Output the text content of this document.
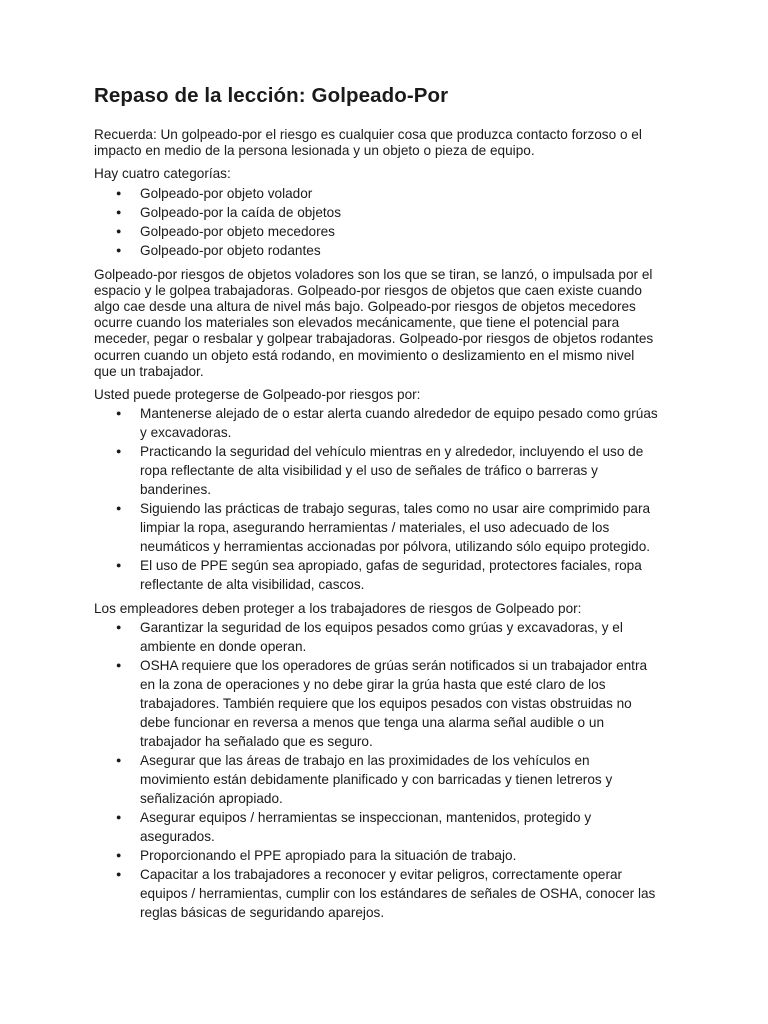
Repaso de la lección: Golpeado-Por

Recuerda: Un golpeado-por el riesgo es cualquier cosa que produzca contacto forzoso o el impacto en medio de la persona lesionada y un objeto o pieza de equipo.

Hay cuatro categorías:

● Golpeado-por objeto volador
● Golpeado-por la caída de objetos
● Golpeado-por objeto mecedores
● Golpeado-por objeto rodantes

Golpeado-por riesgos de objetos voladores son los que se tiran, se lanzó, o impulsada por el espacio y le golpea trabajadoras. Golpeado-por riesgos de objetos que caen existe cuando algo cae desde una altura de nivel más bajo. Golpeado-por riesgos de objetos mecedores ocurre cuando los materiales son elevados mecánicamente, que tiene el potencial para meceder, pegar o resbalar y golpear trabajadoras. Golpeado-por riesgos de objetos rodantes ocurren cuando un objeto está rodando, en movimiento o deslizamiento en el mismo nivel que un trabajador.

Usted puede protegerse de Golpeado-por riesgos por:

● Mantenerse alejado de o estar alerta cuando alrededor de equipo pesado como grúas y excavadoras.
● Practicando la seguridad del vehículo mientras en y alrededor, incluyendo el uso de ropa reflectante de alta visibilidad y el uso de señales de tráfico o barreras y banderines.
● Siguiendo las prácticas de trabajo seguras, tales como no usar aire comprimido para limpiar la ropa, asegurando herramientas / materiales, el uso adecuado de los neumáticos y herramientas accionadas por pólvora, utilizando sólo equipo protegido.
● El uso de PPE según sea apropiado, gafas de seguridad, protectores faciales, ropa reflectante de alta visibilidad, cascos.

Los empleadores deben proteger a los trabajadores de riesgos de Golpeado por:

● Garantizar la seguridad de los equipos pesados como grúas y excavadoras, y el ambiente en donde operan.
● OSHA requiere que los operadores de grúas serán notificados si un trabajador entra en la zona de operaciones y no debe girar la grúa hasta que esté claro de los trabajadores. También requiere que los equipos pesados con vistas obstruidas no debe funcionar en reversa a menos que tenga una alarma señal audible o un trabajador ha señalado que es seguro.
● Asegurar que las áreas de trabajo en las proximidades de los vehículos en movimiento están debidamente planificado y con barricadas y tienen letreros y señalización apropiado.
● Asegurar equipos / herramientas se inspeccionan, mantenidos, protegido y asegurados.
● Proporcionando el PPE apropiado para la situación de trabajo.
● Capacitar a los trabajadores a reconocer y evitar peligros, correctamente operar equipos / herramientas, cumplir con los estándares de señales de OSHA, conocer las reglas básicas de seguridando aparejos.
